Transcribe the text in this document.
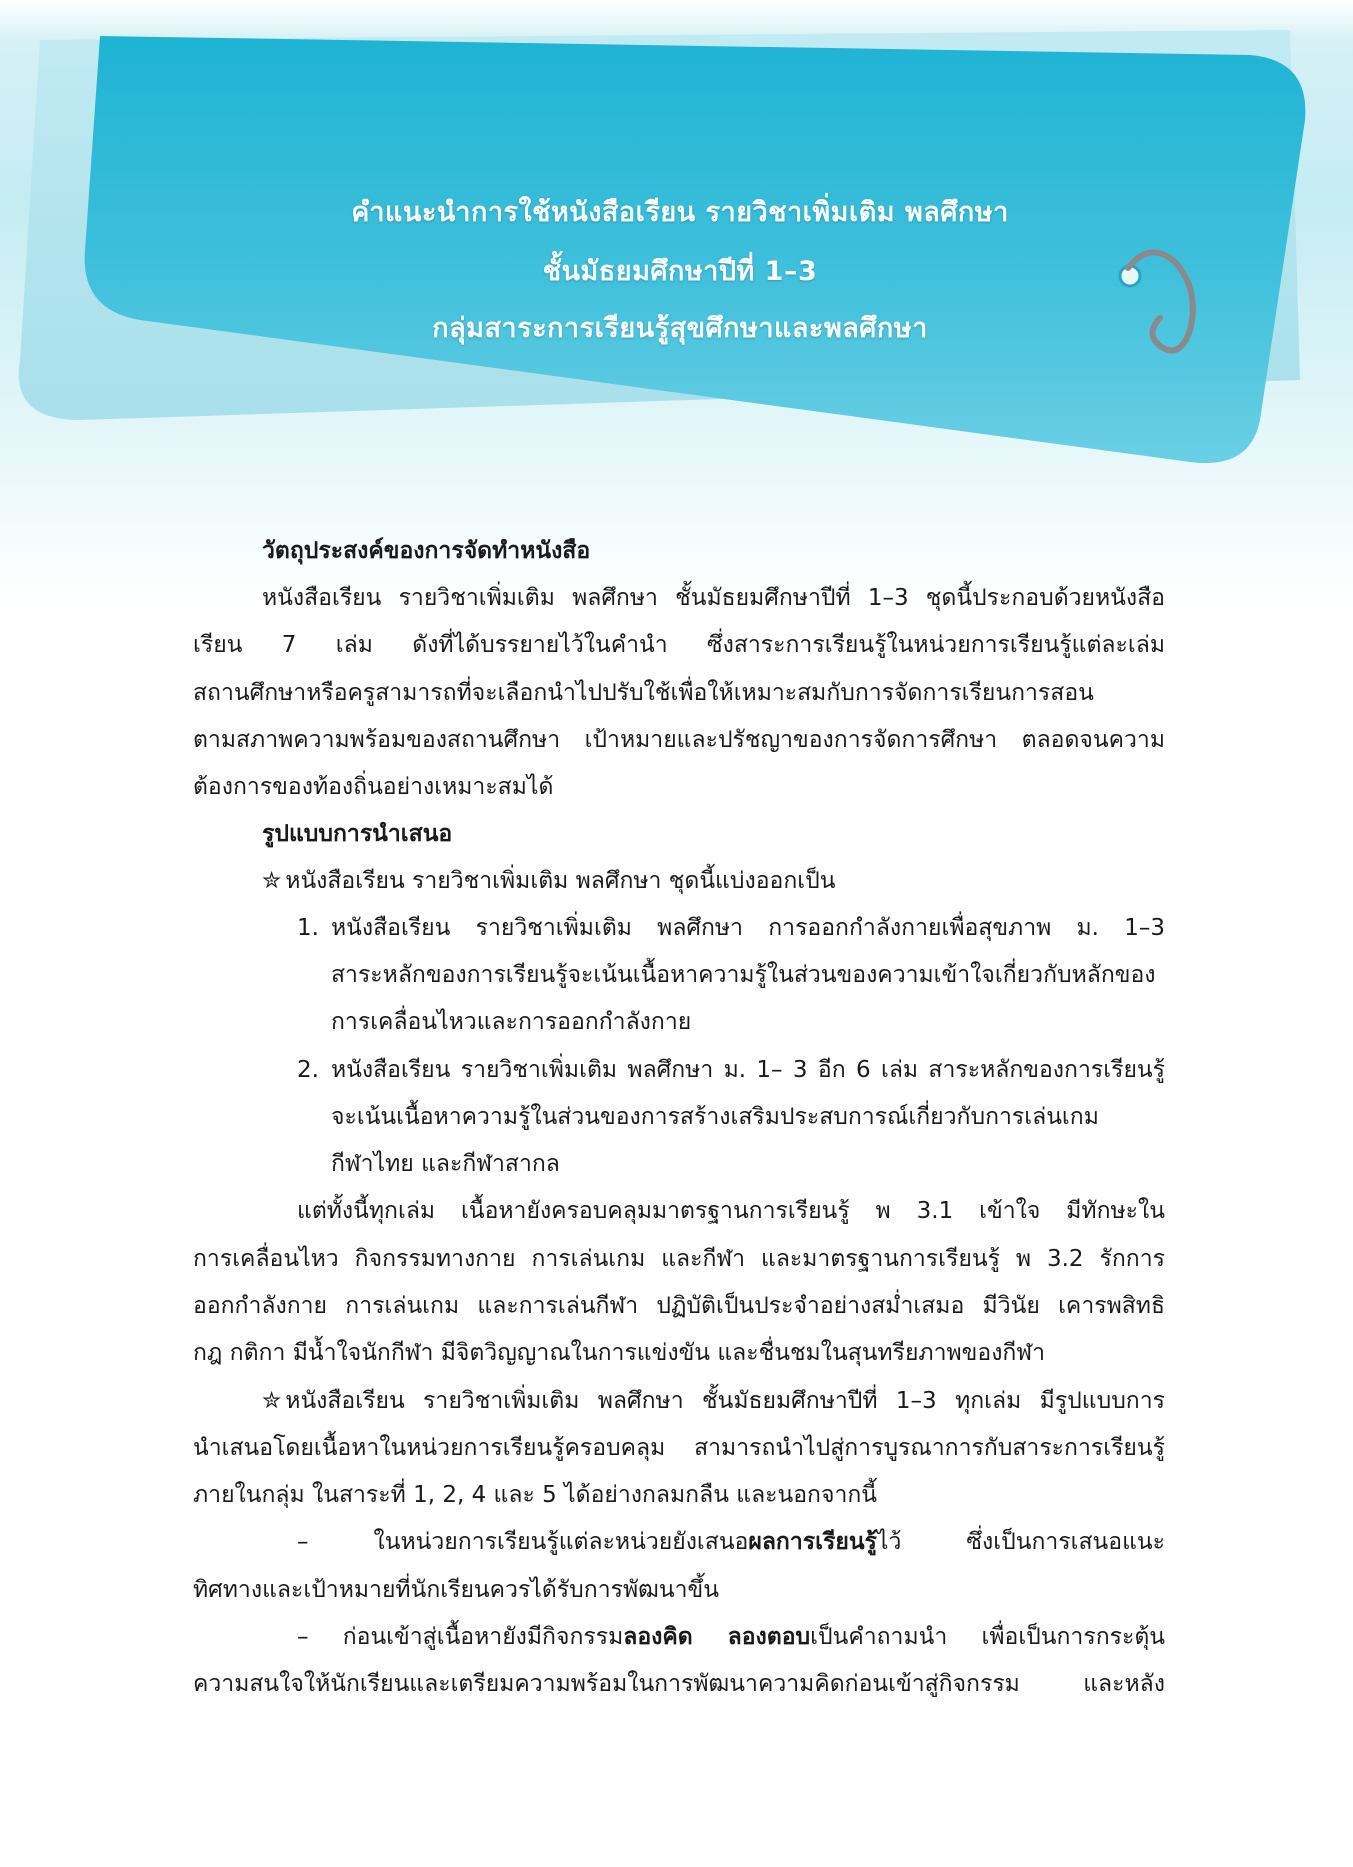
คำแนะนำการใช้หนังสือเรียน รายวิชาเพิ่มเติม พลศึกษา
ชั้นมัธยมศึกษาปีที่ 1–3
กลุ่มสาระการเรียนรู้สุขศึกษาและพลศึกษา
วัตถุประสงค์ของการจัดทำหนังสือ
หนังสือเรียน รายวิชาเพิ่มเติม พลศึกษา ชั้นมัธยมศึกษาปีที่ 1–3 ชุดนี้ประกอบด้วยหนังสือ
เรียน 7 เล่ม ดังที่ได้บรรยายไว้ในคำนำ ซึ่งสาระการเรียนรู้ในหน่วยการเรียนรู้แต่ละเล่ม
สถานศึกษาหรือครูสามารถที่จะเลือกนำไปปรับใช้เพื่อให้เหมาะสมกับการจัดการเรียนการสอน
ตามสภาพความพร้อมของสถานศึกษา เป้าหมายและปรัชญาของการจัดการศึกษา ตลอดจนความ
ต้องการของท้องถิ่นอย่างเหมาะสมได้
รูปแบบการนำเสนอ
✮ หนังสือเรียน รายวิชาเพิ่มเติม พลศึกษา ชุดนี้แบ่งออกเป็น
1. หนังสือเรียน รายวิชาเพิ่มเติม พลศึกษา การออกกำลังกายเพื่อสุขภาพ ม. 1–3
สาระหลักของการเรียนรู้จะเน้นเนื้อหาความรู้ในส่วนของความเข้าใจเกี่ยวกับหลักของ
การเคลื่อนไหวและการออกกำลังกาย
2. หนังสือเรียน รายวิชาเพิ่มเติม พลศึกษา ม. 1– 3 อีก 6 เล่ม สาระหลักของการเรียนรู้
จะเน้นเนื้อหาความรู้ในส่วนของการสร้างเสริมประสบการณ์เกี่ยวกับการเล่นเกม
กีฬาไทย และกีฬาสากล
แต่ทั้งนี้ทุกเล่ม เนื้อหายังครอบคลุมมาตรฐานการเรียนรู้ พ 3.1 เข้าใจ มีทักษะใน
การเคลื่อนไหว กิจกรรมทางกาย การเล่นเกม และกีฬา และมาตรฐานการเรียนรู้ พ 3.2 รักการ
ออกกำลังกาย การเล่นเกม และการเล่นกีฬา ปฏิบัติเป็นประจำอย่างสม่ำเสมอ มีวินัย เคารพสิทธิ
กฎ กติกา มีน้ำใจนักกีฬา มีจิตวิญญาณในการแข่งขัน และชื่นชมในสุนทรียภาพของกีฬา
✮ หนังสือเรียน รายวิชาเพิ่มเติม พลศึกษา ชั้นมัธยมศึกษาปีที่ 1–3 ทุกเล่ม มีรูปแบบการ
นำเสนอโดยเนื้อหาในหน่วยการเรียนรู้ครอบคลุม สามารถนำไปสู่การบูรณาการกับสาระการเรียนรู้
ภายในกลุ่ม ในสาระที่ 1, 2, 4 และ 5 ได้อย่างกลมกลืน และนอกจากนี้
– ในหน่วยการเรียนรู้แต่ละหน่วยยังเสนอผลการเรียนรู้ไว้ ซึ่งเป็นการเสนอแนะ
ทิศทางและเป้าหมายที่นักเรียนควรได้รับการพัฒนาขึ้น
– ก่อนเข้าสู่เนื้อหายังมีกิจกรรมลองคิด ลองตอบเป็นคำถามนำ เพื่อเป็นการกระตุ้น
ความสนใจให้นักเรียนและเตรียมความพร้อมในการพัฒนาความคิดก่อนเข้าสู่กิจกรรม และหลัง
